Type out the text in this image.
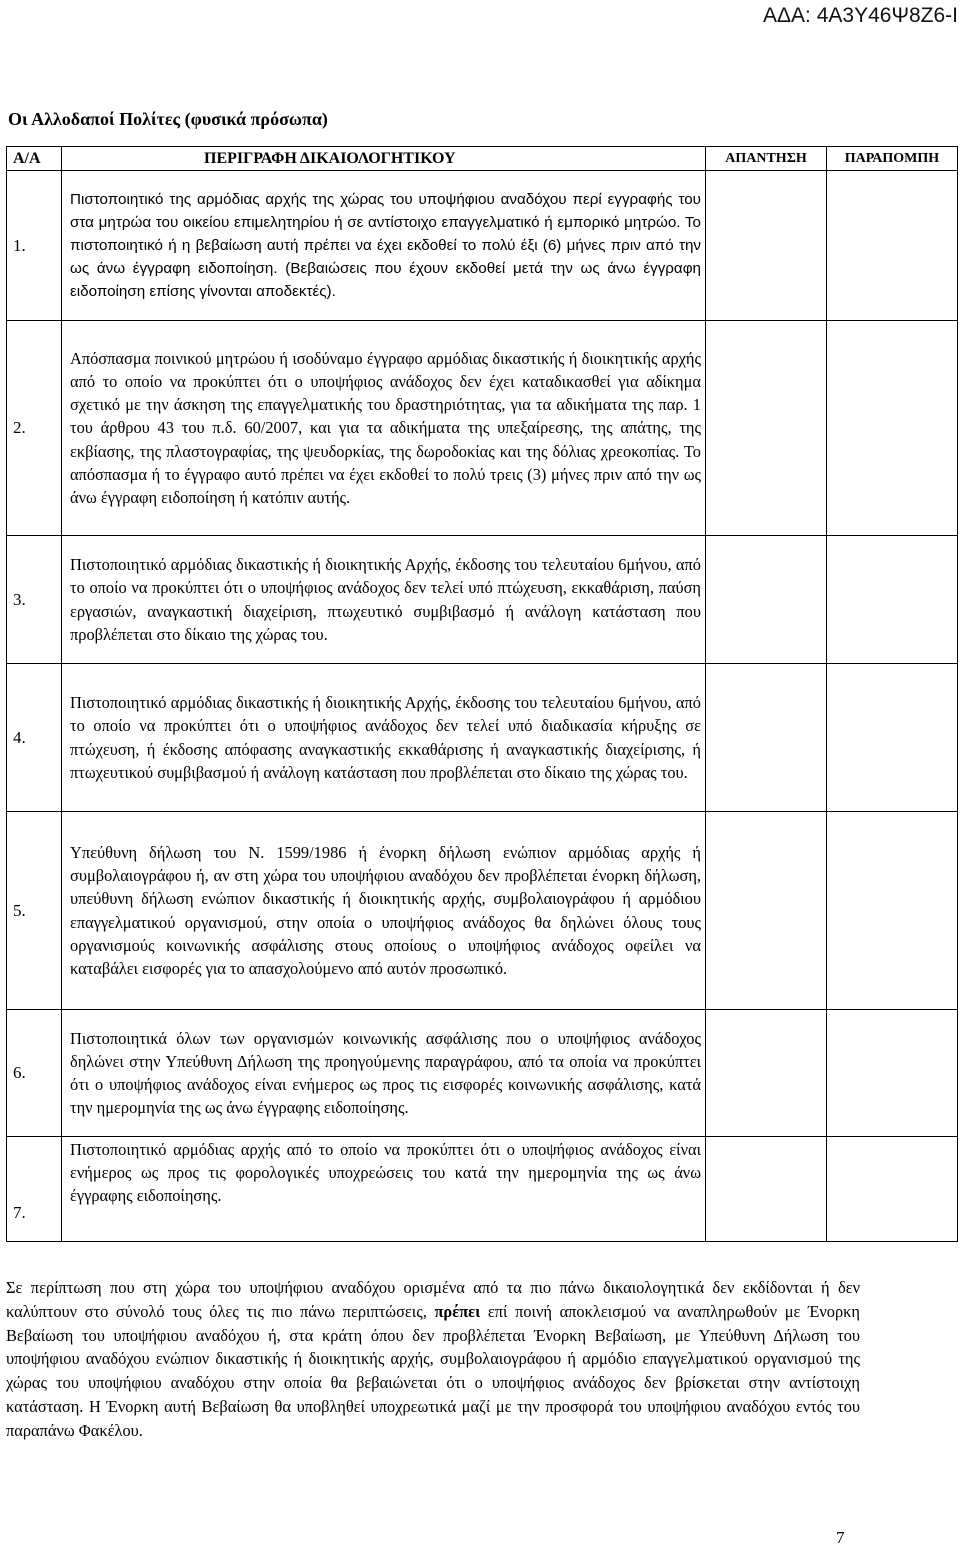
ΑΔΑ: 4Α3Υ46Ψ8Ζ6-Ι
Οι Αλλοδαποί Πολίτες (φυσικά πρόσωπα)
Α/Α	ΠΕΡΙΓΡΑΦΗ ΔΙΚΑΙΟΛΟΓΗΤΙΚΟΥ	ΑΠΑΝΤΗΣΗ	ΠΑΡΑΠΟΜΠΗ
1.	Πιστοποιητικό της αρμόδιας αρχής της χώρας του υποψήφιου αναδόχου περί εγγραφής του στα μητρώα του οικείου επιμελητηρίου ή σε αντίστοιχο επαγγελματικό ή εμπορικό μητρώο. Το πιστοποιητικό ή η βεβαίωση αυτή πρέπει να έχει εκδοθεί το πολύ έξι (6) μήνες πριν από την ως άνω έγγραφη ειδοποίηση. (Βεβαιώσεις που έχουν εκδοθεί μετά την ως άνω έγγραφη ειδοποίηση επίσης γίνονται αποδεκτές).		
2.	Απόσπασμα ποινικού μητρώου ή ισοδύναμο έγγραφο αρμόδιας δικαστικής ή διοικητικής αρχής από το οποίο να προκύπτει ότι ο υποψήφιος ανάδοχος δεν έχει καταδικασθεί για αδίκημα σχετικό με την άσκηση της επαγγελματικής του δραστηριότητας, για τα αδικήματα της παρ. 1 του άρθρου 43 του π.δ. 60/2007, και για τα αδικήματα της υπεξαίρεσης, της απάτης, της εκβίασης, της πλαστογραφίας, της ψευδορκίας, της δωροδοκίας και της δόλιας χρεοκοπίας. Το απόσπασμα ή το έγγραφο αυτό πρέπει να έχει εκδοθεί το πολύ τρεις (3) μήνες πριν από την ως άνω έγγραφη ειδοποίηση ή κατόπιν αυτής.		
3.	Πιστοποιητικό αρμόδιας δικαστικής ή διοικητικής Αρχής, έκδοσης του τελευταίου 6μήνου, από το οποίο να προκύπτει ότι ο υποψήφιος ανάδοχος δεν τελεί υπό πτώχευση, εκκαθάριση, παύση εργασιών, αναγκαστική διαχείριση, πτωχευτικό συμβιβασμό ή ανάλογη κατάσταση που προβλέπεται στο δίκαιο της χώρας του.		
4.	Πιστοποιητικό αρμόδιας δικαστικής ή διοικητικής Αρχής, έκδοσης του τελευταίου 6μήνου, από το οποίο να προκύπτει ότι ο υποψήφιος ανάδοχος δεν τελεί υπό διαδικασία κήρυξης σε πτώχευση, ή έκδοσης απόφασης αναγκαστικής εκκαθάρισης ή αναγκαστικής διαχείρισης, ή πτωχευτικού συμβιβασμού ή ανάλογη κατάσταση που προβλέπεται στο δίκαιο της χώρας του.		
5.	Υπεύθυνη δήλωση του Ν. 1599/1986 ή ένορκη δήλωση ενώπιον αρμόδιας αρχής ή συμβολαιογράφου ή, αν στη χώρα του υποψήφιου αναδόχου δεν προβλέπεται ένορκη δήλωση, υπεύθυνη δήλωση ενώπιον δικαστικής ή διοικητικής αρχής, συμβολαιογράφου ή αρμόδιου επαγγελματικού οργανισμού, στην οποία ο υποψήφιος ανάδοχος θα δηλώνει όλους τους οργανισμούς κοινωνικής ασφάλισης στους οποίους ο υποψήφιος ανάδοχος οφείλει να καταβάλει εισφορές για το απασχολούμενο από αυτόν προσωπικό.		
6.	Πιστοποιητικά όλων των οργανισμών κοινωνικής ασφάλισης που ο υποψήφιος ανάδοχος δηλώνει στην Υπεύθυνη Δήλωση της προηγούμενης παραγράφου, από τα οποία να προκύπτει ότι ο υποψήφιος ανάδοχος είναι ενήμερος ως προς τις εισφορές κοινωνικής ασφάλισης, κατά την ημερομηνία της ως άνω έγγραφης ειδοποίησης.		
7.	Πιστοποιητικό αρμόδιας αρχής από το οποίο να προκύπτει ότι ο υποψήφιος ανάδοχος είναι ενήμερος ως προς τις φορολογικές υποχρεώσεις του κατά την ημερομηνία της ως άνω έγγραφης ειδοποίησης.		
Σε περίπτωση που στη χώρα του υποψήφιου αναδόχου ορισμένα από τα πιο πάνω δικαιολογητικά δεν εκδίδονται ή δεν καλύπτουν στο σύνολό τους όλες τις πιο πάνω περιπτώσεις, πρέπει επί ποινή αποκλεισμού να αναπληρωθούν με Ένορκη Βεβαίωση του υποψήφιου αναδόχου ή, στα κράτη όπου δεν προβλέπεται Ένορκη Βεβαίωση, με Υπεύθυνη Δήλωση του υποψήφιου αναδόχου ενώπιον δικαστικής ή διοικητικής αρχής, συμβολαιογράφου ή αρμόδιο επαγγελματικού οργανισμού της χώρας του υποψήφιου αναδόχου στην οποία θα βεβαιώνεται ότι ο υποψήφιος ανάδοχος δεν βρίσκεται στην αντίστοιχη κατάσταση. Η Ένορκη αυτή Βεβαίωση θα υποβληθεί υποχρεωτικά μαζί με την προσφορά του υποψήφιου αναδόχου εντός του παραπάνω Φακέλου.
7
